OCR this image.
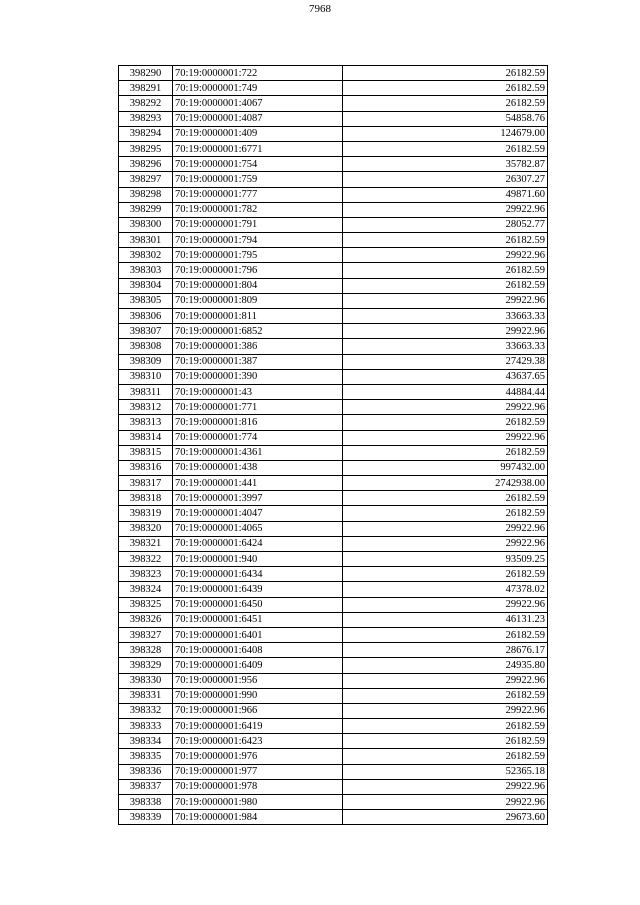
7968
398290	70:19:0000001:722	26182.59
398291	70:19:0000001:749	26182.59
398292	70:19:0000001:4067	26182.59
398293	70:19:0000001:4087	54858.76
398294	70:19:0000001:409	124679.00
398295	70:19:0000001:6771	26182.59
398296	70:19:0000001:754	35782.87
398297	70:19:0000001:759	26307.27
398298	70:19:0000001:777	49871.60
398299	70:19:0000001:782	29922.96
398300	70:19:0000001:791	28052.77
398301	70:19:0000001:794	26182.59
398302	70:19:0000001:795	29922.96
398303	70:19:0000001:796	26182.59
398304	70:19:0000001:804	26182.59
398305	70:19:0000001:809	29922.96
398306	70:19:0000001:811	33663.33
398307	70:19:0000001:6852	29922.96
398308	70:19:0000001:386	33663.33
398309	70:19:0000001:387	27429.38
398310	70:19:0000001:390	43637.65
398311	70:19:0000001:43	44884.44
398312	70:19:0000001:771	29922.96
398313	70:19:0000001:816	26182.59
398314	70:19:0000001:774	29922.96
398315	70:19:0000001:4361	26182.59
398316	70:19:0000001:438	997432.00
398317	70:19:0000001:441	2742938.00
398318	70:19:0000001:3997	26182.59
398319	70:19:0000001:4047	26182.59
398320	70:19:0000001:4065	29922.96
398321	70:19:0000001:6424	29922.96
398322	70:19:0000001:940	93509.25
398323	70:19:0000001:6434	26182.59
398324	70:19:0000001:6439	47378.02
398325	70:19:0000001:6450	29922.96
398326	70:19:0000001:6451	46131.23
398327	70:19:0000001:6401	26182.59
398328	70:19:0000001:6408	28676.17
398329	70:19:0000001:6409	24935.80
398330	70:19:0000001:956	29922.96
398331	70:19:0000001:990	26182.59
398332	70:19:0000001:966	29922.96
398333	70:19:0000001:6419	26182.59
398334	70:19:0000001:6423	26182.59
398335	70:19:0000001:976	26182.59
398336	70:19:0000001:977	52365.18
398337	70:19:0000001:978	29922.96
398338	70:19:0000001:980	29922.96
398339	70:19:0000001:984	29673.60
